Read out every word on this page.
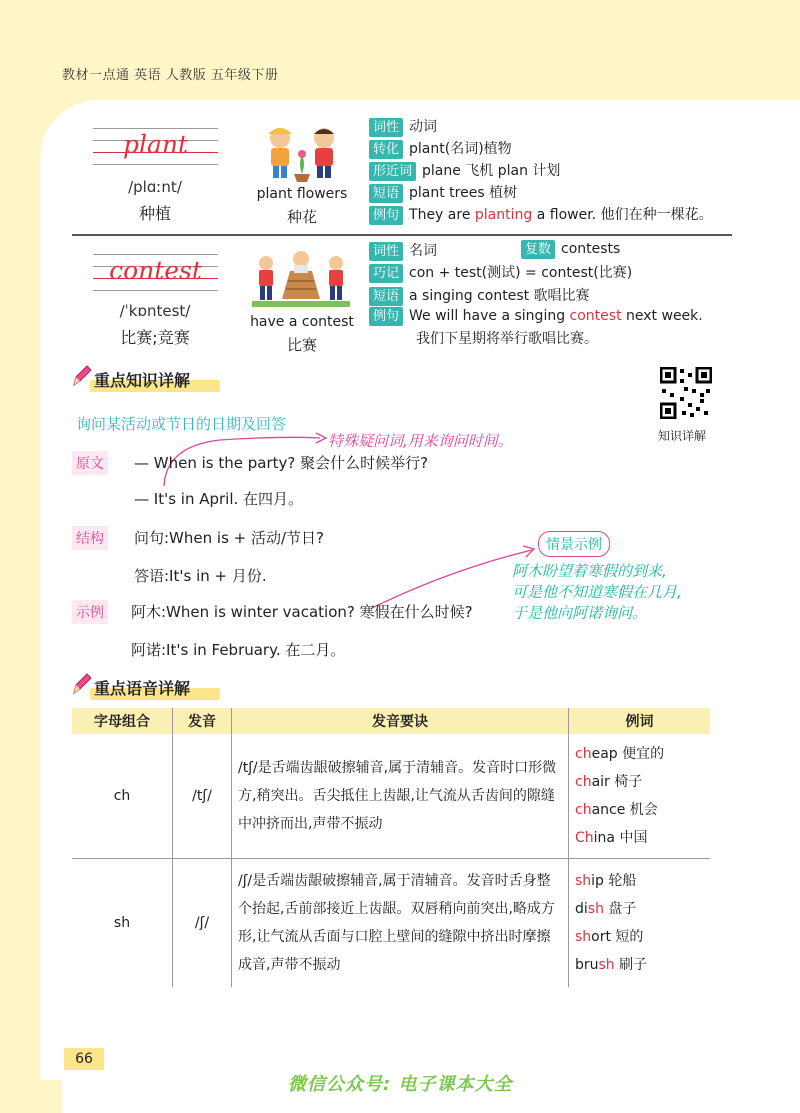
教材一点通 英语 人教版 五年级下册
plant
/plɑːnt/
种植
plant flowers
种花
词性 动词
转化 plant(名词)植物
形近词 plane 飞机 plan 计划
短语 plant trees 植树
例句 They are planting a flower. 他们在种一棵花。
contest
/ˈkɒntest/
比赛;竞赛
have a contest
比赛
词性 名词	复数 contests
巧记 con + test(测试) = contest(比赛)
短语 a singing contest 歌唱比赛
例句 We will have a singing contest next week.
我们下星期将举行歌唱比赛。
重点知识详解
知识详解
询问某活动或节日的日期及回答
特殊疑问词,用来询问时间。
原文 — When is the party? 聚会什么时候举行?
— It's in April. 在四月。
结构 问句:When is + 活动/节日?
答语:It's in + 月份.
情景示例
阿木盼望着寒假的到来,
可是他不知道寒假在几月,
于是他向阿诺询问。
示例 阿木:When is winter vacation? 寒假在什么时候?
阿诺:It's in February. 在二月。
重点语音详解
字母组合	发音	发音要诀	例词
ch	/tʃ/	/tʃ/是舌端齿龈破擦辅音,属于清辅音。发音时口形微方,稍突出。舌尖抵住上齿龈,让气流从舌齿间的隙缝中冲挤而出,声带不振动	cheap 便宜的
chair 椅子
chance 机会
China 中国

sh	/ʃ/	/ʃ/是舌端齿龈破擦辅音,属于清辅音。发音时舌身整个抬起,舌前部接近上齿龈。双唇稍向前突出,略成方形,让气流从舌面与口腔上壁间的缝隙中挤出时摩擦成音,声带不振动	ship 轮船
dish 盘子
short 短的
brush 刷子
66
微信公众号: 电子课本大全
